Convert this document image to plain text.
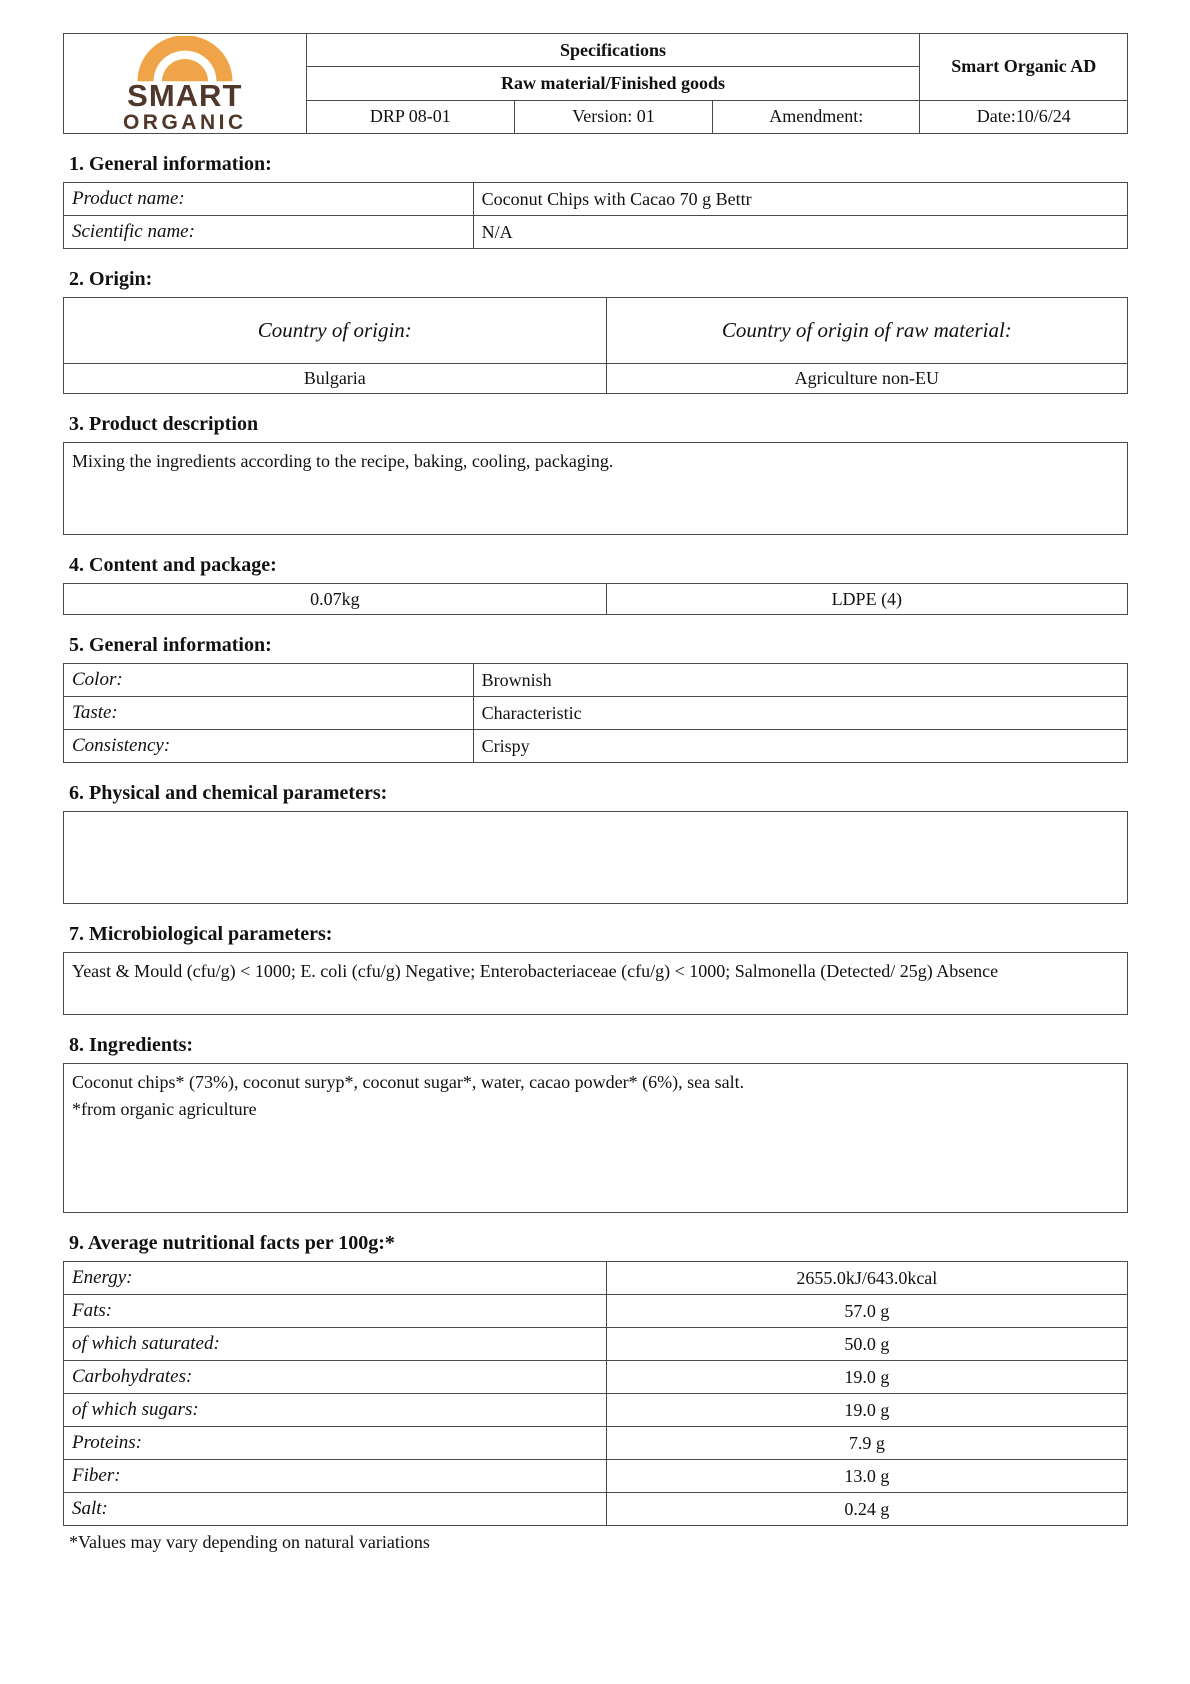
SMART
ORGANIC	Specifications			Smart Organic AD
	Raw material/Finished goods			
	DRP 08-01	Version: 01	Amendment:	Date:10/6/24
1. General information:
Product name:	Coconut Chips with Cacao 70 g Bettr
Scientific name:	N/A
2. Origin:
Country of origin:	Country of origin of raw material:
Bulgaria	Agriculture non-EU
3. Product description
Mixing the ingredients according to the recipe, baking, cooling, packaging.
4. Content and package:
0.07kg	LDPE (4)
5. General information:
Color:	Brownish
Taste:	Characteristic
Consistency:	Crispy
6. Physical and chemical parameters:
7. Microbiological parameters:
Yeast & Mould (cfu/g) < 1000; E. coli (cfu/g) Negative; Enterobacteriaceae (cfu/g) < 1000; Salmonella (Detected/ 25g) Absence
8. Ingredients:
Coconut chips* (73%), coconut suryp*, coconut sugar*, water, cacao powder* (6%), sea salt.
*from organic agriculture
9. Average nutritional facts per 100g:*
Energy:	2655.0kJ/643.0kcal
Fats:	57.0 g
of which saturated:	50.0 g
Carbohydrates:	19.0 g
of which sugars:	19.0 g
Proteins:	7.9 g
Fiber:	13.0 g
Salt:	0.24 g
*Values may vary depending on natural variations
